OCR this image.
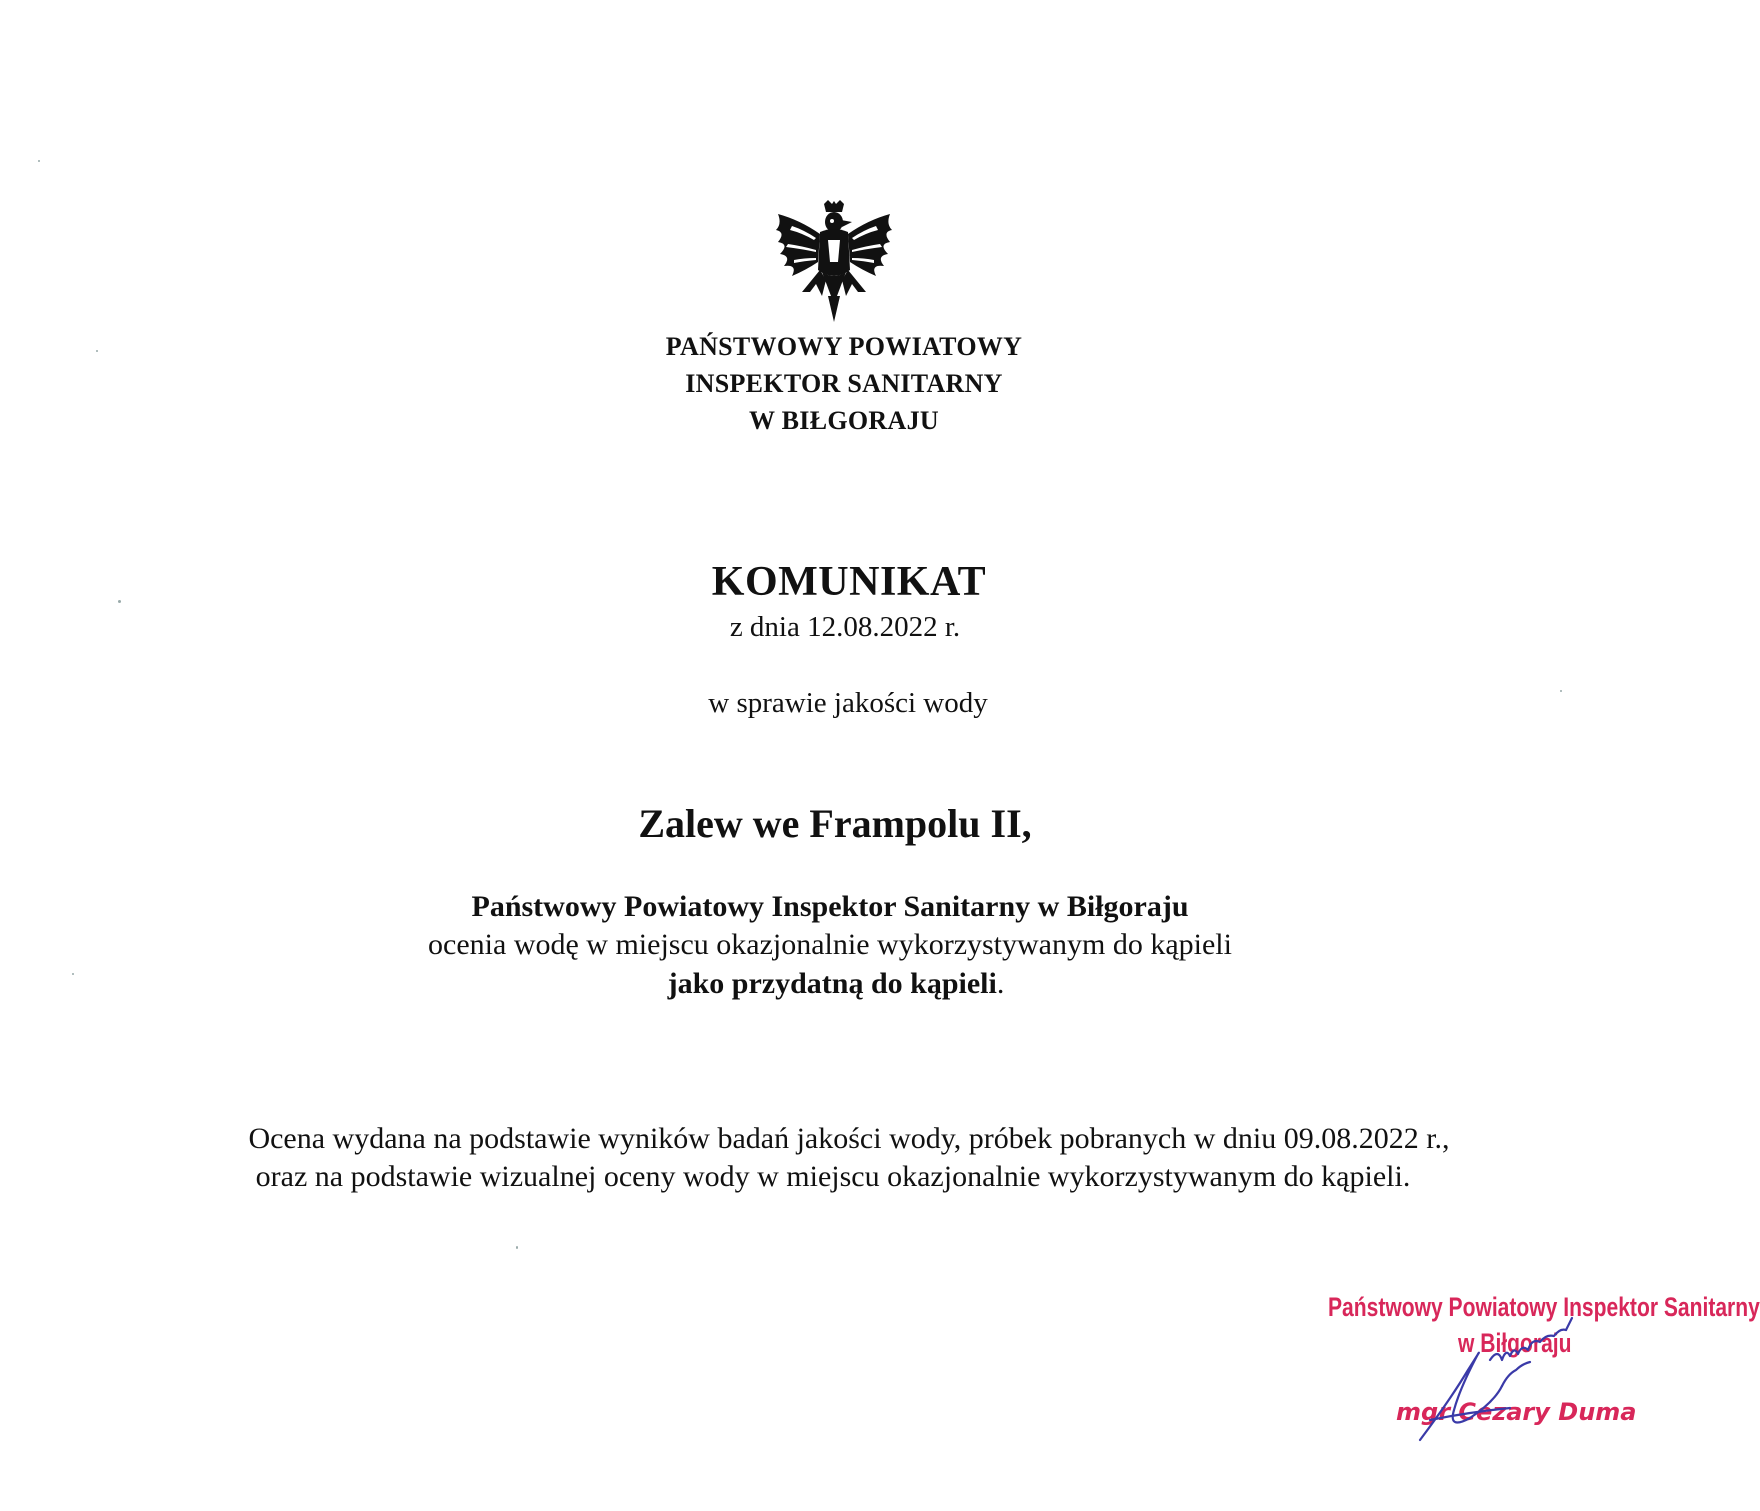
PAŃSTWOWY POWIATOWY
INSPEKTOR SANITARNY
W BIŁGORAJU
KOMUNIKAT
z dnia 12.08.2022 r.
w sprawie jakości wody
Zalew we Frampolu II,
Państwowy Powiatowy Inspektor Sanitarny w Biłgoraju
ocenia wodę w miejscu okazjonalnie wykorzystywanym do kąpieli
jako przydatną do kąpieli.
Ocena wydana na podstawie wyników badań jakości wody, próbek pobranych w dniu 09.08.2022 r.,
oraz na podstawie wizualnej oceny wody w miejscu okazjonalnie wykorzystywanym do kąpieli.
Państwowy Powiatowy Inspektor Sanitarny
w Biłgoraju
mgr Cezary Duma
